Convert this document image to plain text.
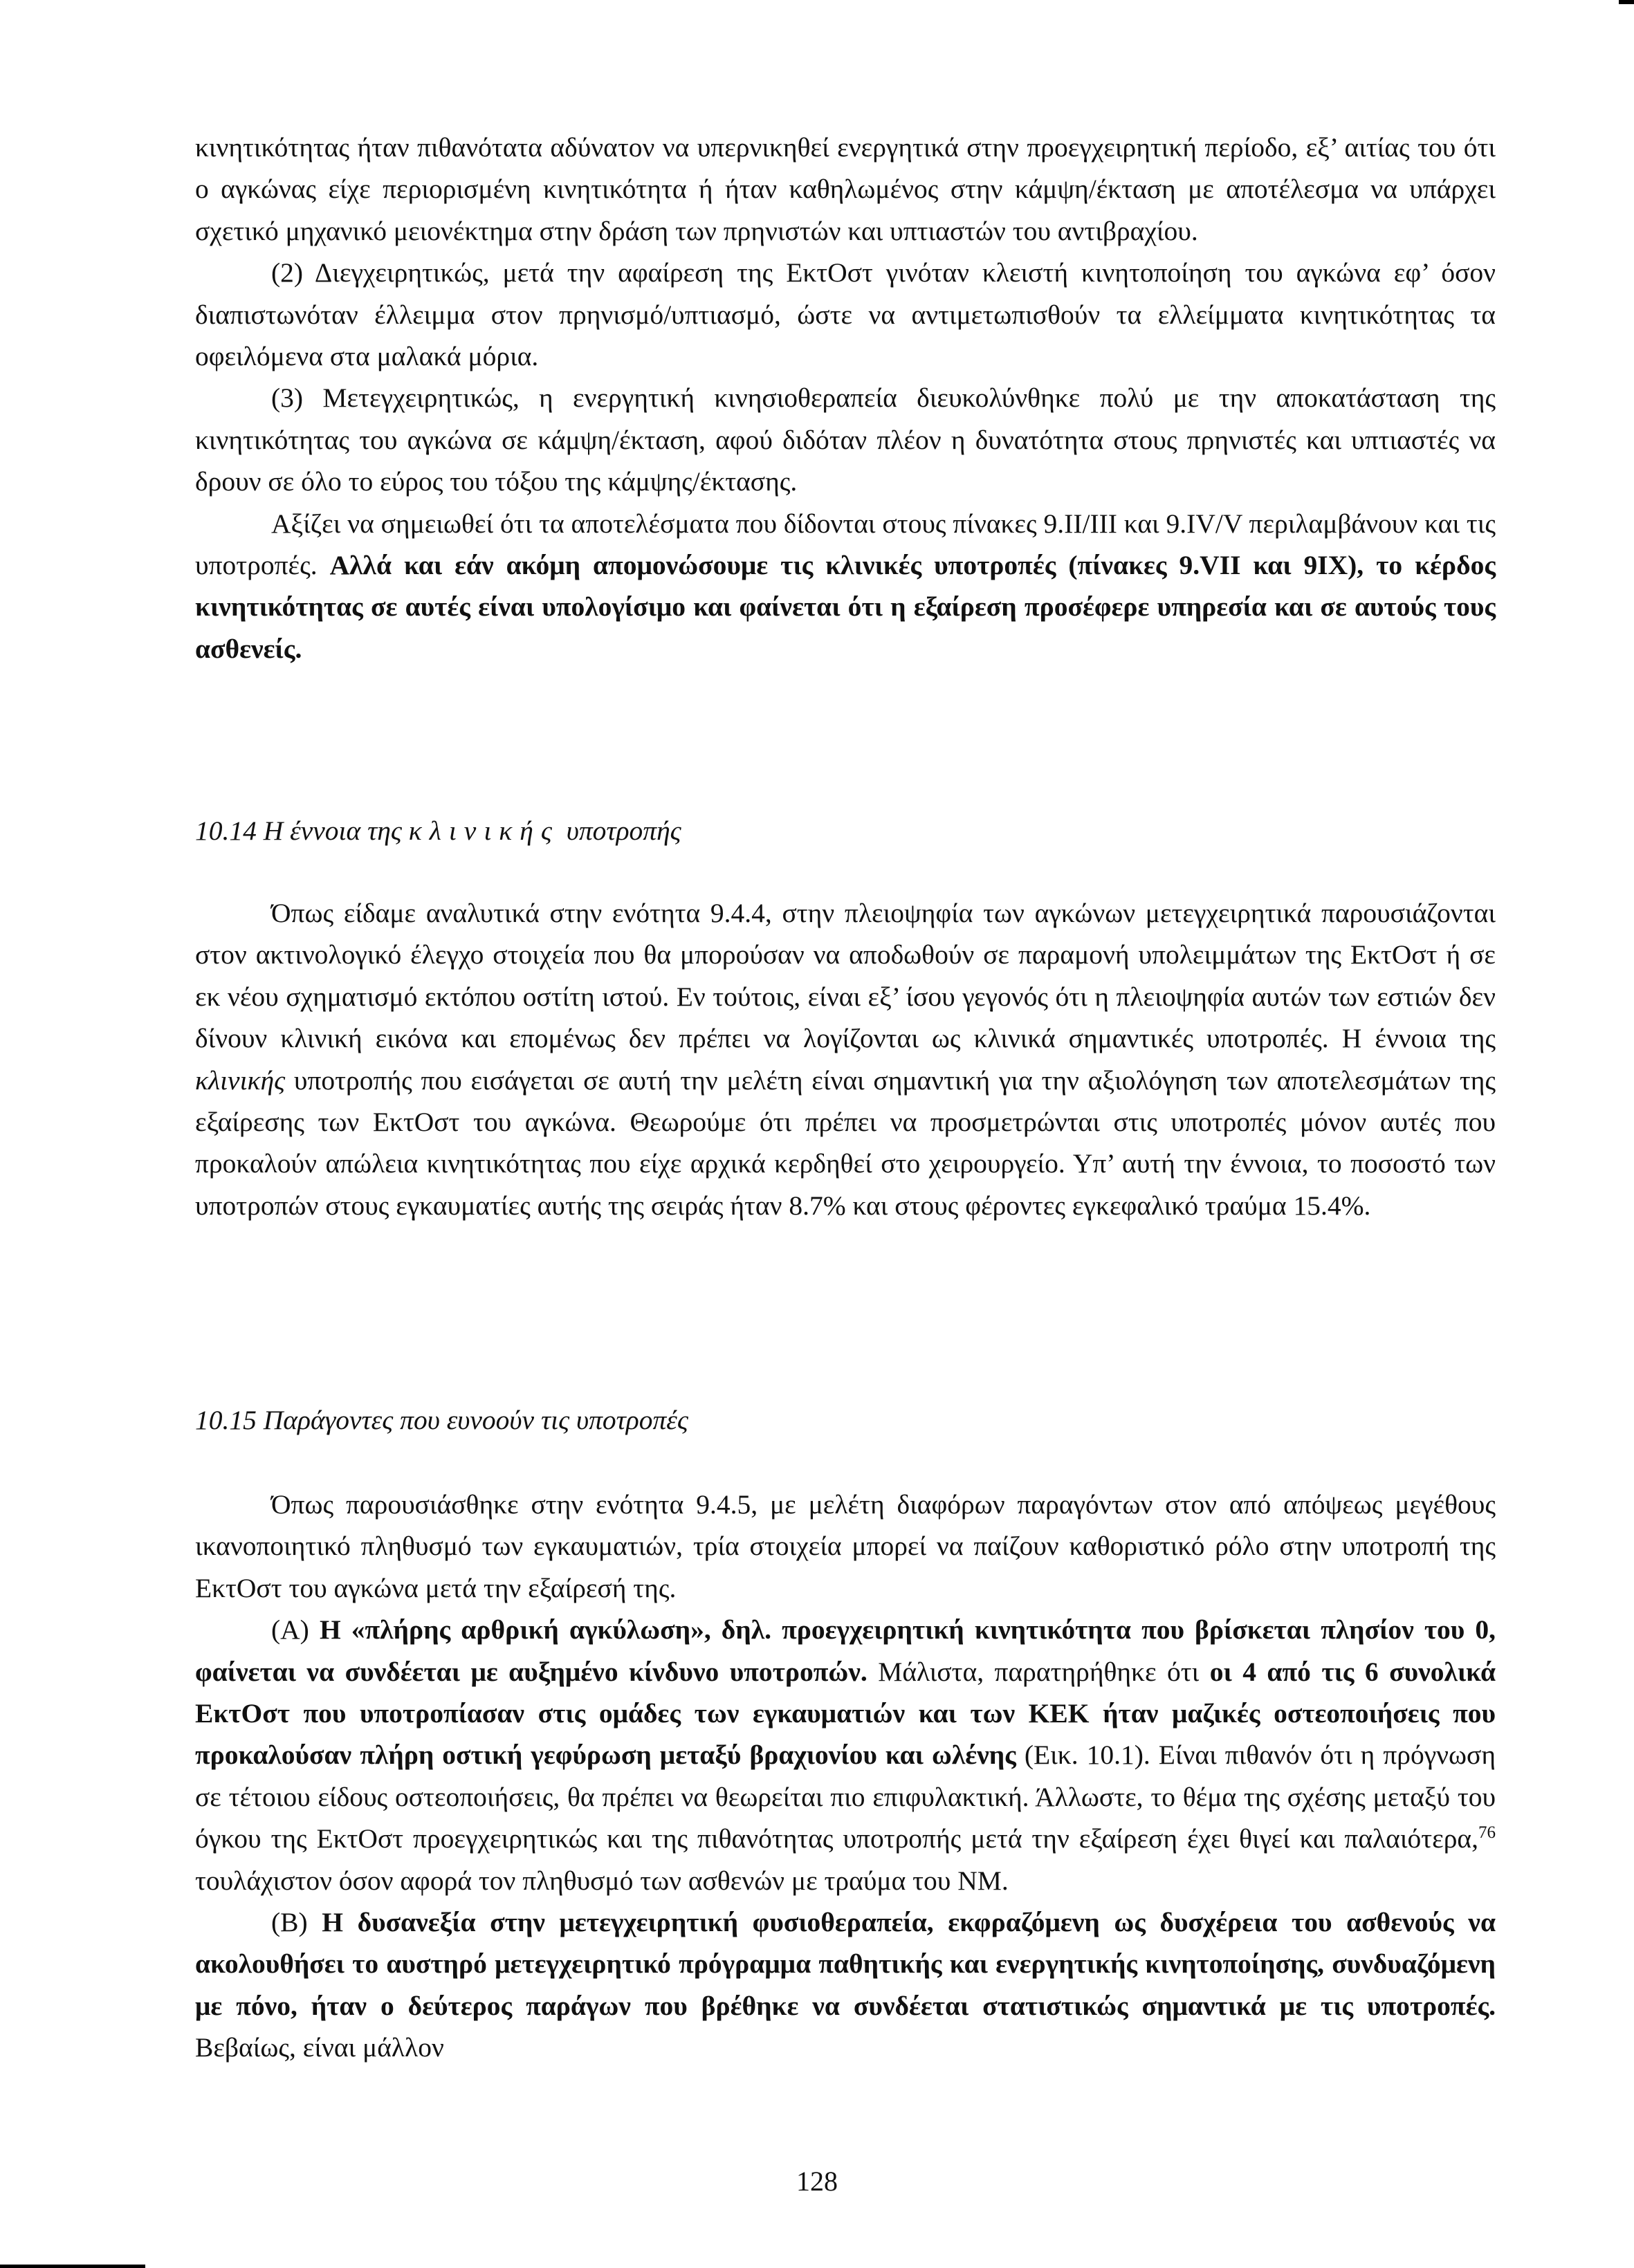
κινητικότητας ήταν πιθανότατα αδύνατον να υπερνικηθεί ενεργητικά στην προεγχειρητική περίοδο, εξ’ αιτίας του ότι ο αγκώνας είχε περιορισμένη κινητικότητα ή ήταν καθηλωμένος στην κάμψη/έκταση με αποτέλεσμα να υπάρχει σχετικό μηχανικό μειονέκτημα στην δράση των πρηνιστών και υπτιαστών του αντιβραχίου.

(2) Διεγχειρητικώς, μετά την αφαίρεση της ΕκτΟστ γινόταν κλειστή κινητοποίηση του αγκώνα εφ’ όσον διαπιστωνόταν έλλειμμα στον πρηνισμό/υπτιασμό, ώστε να αντιμετωπισθούν τα ελλείμματα κινητικότητας τα οφειλόμενα στα μαλακά μόρια.

(3) Μετεγχειρητικώς, η ενεργητική κινησιοθεραπεία διευκολύνθηκε πολύ με την αποκατάσταση της κινητικότητας του αγκώνα σε κάμψη/έκταση, αφού διδόταν πλέον η δυνατότητα στους πρηνιστές και υπτιαστές να δρουν σε όλο το εύρος του τόξου της κάμψης/έκτασης.

Αξίζει να σημειωθεί ότι τα αποτελέσματα που δίδονται στους πίνακες 9.II/III και 9.IV/V περιλαμβάνουν και τις υποτροπές. Αλλά και εάν ακόμη απομονώσουμε τις κλινικές υποτροπές (πίνακες 9.VII και 9IX), το κέρδος κινητικότητας σε αυτές είναι υπολογίσιμο και φαίνεται ότι η εξαίρεση προσέφερε υπηρεσία και σε αυτούς τους ασθενείς.

10.14 Η έννοια της κλινικής υποτροπής

Όπως είδαμε αναλυτικά στην ενότητα 9.4.4, στην πλειοψηφία των αγκώνων μετεγχειρητικά παρουσιάζονται στον ακτινολογικό έλεγχο στοιχεία που θα μπορούσαν να αποδωθούν σε παραμονή υπολειμμάτων της ΕκτΟστ ή σε εκ νέου σχηματισμό εκτόπου οστίτη ιστού. Εν τούτοις, είναι εξ’ ίσου γεγονός ότι η πλειοψηφία αυτών των εστιών δεν δίνουν κλινική εικόνα και επομένως δεν πρέπει να λογίζονται ως κλινικά σημαντικές υποτροπές. Η έννοια της κλινικής υποτροπής που εισάγεται σε αυτή την μελέτη είναι σημαντική για την αξιολόγηση των αποτελεσμάτων της εξαίρεσης των ΕκτΟστ του αγκώνα. Θεωρούμε ότι πρέπει να προσμετρώνται στις υποτροπές μόνον αυτές που προκαλούν απώλεια κινητικότητας που είχε αρχικά κερδηθεί στο χειρουργείο. Υπ’ αυτή την έννοια, το ποσοστό των υποτροπών στους εγκαυματίες αυτής της σειράς ήταν 8.7% και στους φέροντες εγκεφαλικό τραύμα 15.4%.

10.15 Παράγοντες που ευνοούν τις υποτροπές

Όπως παρουσιάσθηκε στην ενότητα 9.4.5, με μελέτη διαφόρων παραγόντων στον από απόψεως μεγέθους ικανοποιητικό πληθυσμό των εγκαυματιών, τρία στοιχεία μπορεί να παίζουν καθοριστικό ρόλο στην υποτροπή της ΕκτΟστ του αγκώνα μετά την εξαίρεσή της.

(Α) Η «πλήρης αρθρική αγκύλωση», δηλ. προεγχειρητική κινητικότητα που βρίσκεται πλησίον του 0, φαίνεται να συνδέεται με αυξημένο κίνδυνο υποτροπών. Μάλιστα, παρατηρήθηκε ότι οι 4 από τις 6 συνολικά ΕκτΟστ που υποτροπίασαν στις ομάδες των εγκαυματιών και των ΚΕΚ ήταν μαζικές οστεοποιήσεις που προκαλούσαν πλήρη οστική γεφύρωση μεταξύ βραχιονίου και ωλένης (Εικ. 10.1). Είναι πιθανόν ότι η πρόγνωση σε τέτοιου είδους οστεοποιήσεις, θα πρέπει να θεωρείται πιο επιφυλακτική. Άλλωστε, το θέμα της σχέσης μεταξύ του όγκου της ΕκτΟστ προεγχειρητικώς και της πιθανότητας υποτροπής μετά την εξαίρεση έχει θιγεί και παλαιότερα,$^{76}$ τουλάχιστον όσον αφορά τον πληθυσμό των ασθενών με τραύμα του ΝΜ.

(Β) Η δυσανεξία στην μετεγχειρητική φυσιοθεραπεία, εκφραζόμενη ως δυσχέρεια του ασθενούς να ακολουθήσει το αυστηρό μετεγχειρητικό πρόγραμμα παθητικής και ενεργητικής κινητοποίησης, συνδυαζόμενη με πόνο, ήταν ο δεύτερος παράγων που βρέθηκε να συνδέεται στατιστικώς σημαντικά με τις υποτροπές. Βεβαίως, είναι μάλλον

128
